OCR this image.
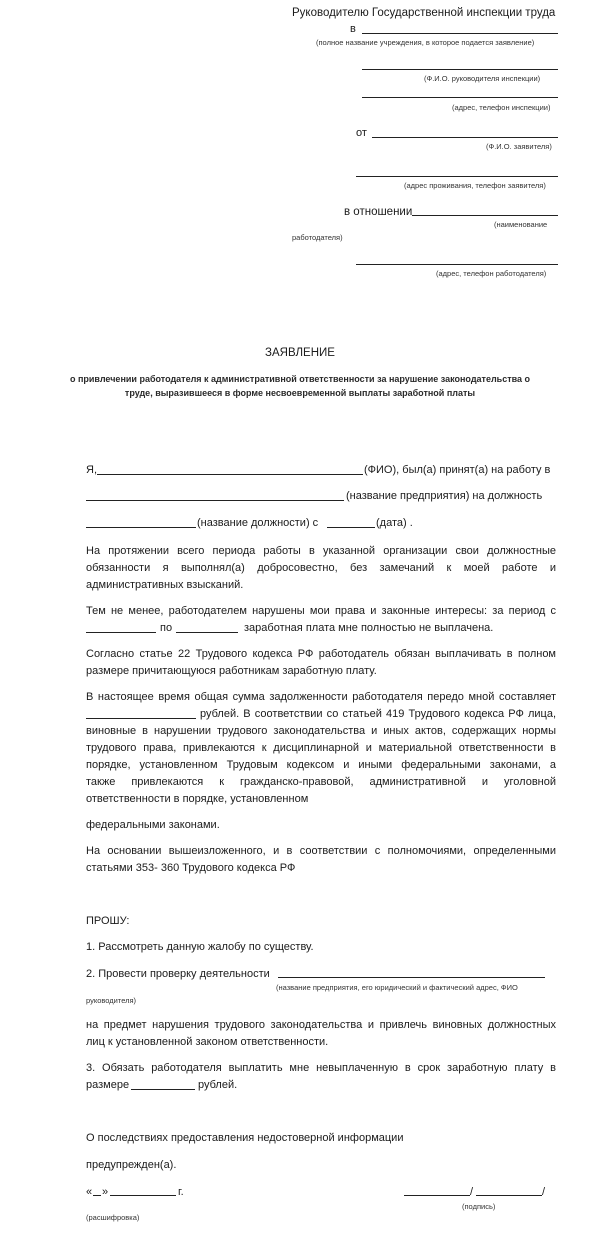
Руководителю Государственной инспекции труда
в
(полное название учреждения, в которое подается заявление)
(Ф.И.О. руководителя инспекции)
(адрес, телефон инспекции)
от
(Ф.И.О. заявителя)
(адрес проживания, телефон заявителя)
в отношении
(наименование
работодателя)
(адрес, телефон работодателя)
ЗАЯВЛЕНИЕ
о привлечении работодателя к административной ответственности за нарушение законодательства о
труде, выразившееся в форме несвоевременной выплаты заработной платы
Я,	(ФИО), был(а) принят(а) на работу в
(название предприятия) на должность
(название должности) с	(дата) .
На протяжении всего периода работы в указанной организации свои должностные
обязанности я выполнял(а) добросовестно, без замечаний к моей работе и
административных взысканий.
Тем не менее, работодателем нарушены мои права и законные интересы: за период с
по	заработная плата мне полностью не выплачена.
Согласно статье 22 Трудового кодекса РФ работодатель обязан выплачивать в полном
размере причитающуюся работникам заработную плату.
В настоящее время общая сумма задолженности работодателя передо мной составляет
рублей. В соответствии со статьей 419 Трудового кодекса РФ лица,
виновные в нарушении трудового законодательства и иных актов, содержащих нормы
трудового права, привлекаются к дисциплинарной и материальной ответственности в
порядке, установленном Трудовым кодексом и иными федеральными законами, а
также привлекаются к гражданско-правовой, административной и уголовной
ответственности в порядке, установленном
федеральными законами.
На основании вышеизложенного, и в соответствии с полномочиями, определенными
статьями 353- 360 Трудового кодекса РФ
ПРОШУ:
1. Рассмотреть данную жалобу по существу.
2. Провести проверку деятельности
(название предприятия, его юридический и фактический адрес, ФИО
руководителя)
на предмет нарушения трудового законодательства и привлечь виновных должностных
лиц к установленной законом ответственности.
3. Обязать работодателя выплатить мне невыплаченную в срок заработную плату в
размере	рублей.
О последствиях предоставления недостоверной информации
предупрежден(а).
« »	г.	/	/
(подпись)
(расшифровка)
